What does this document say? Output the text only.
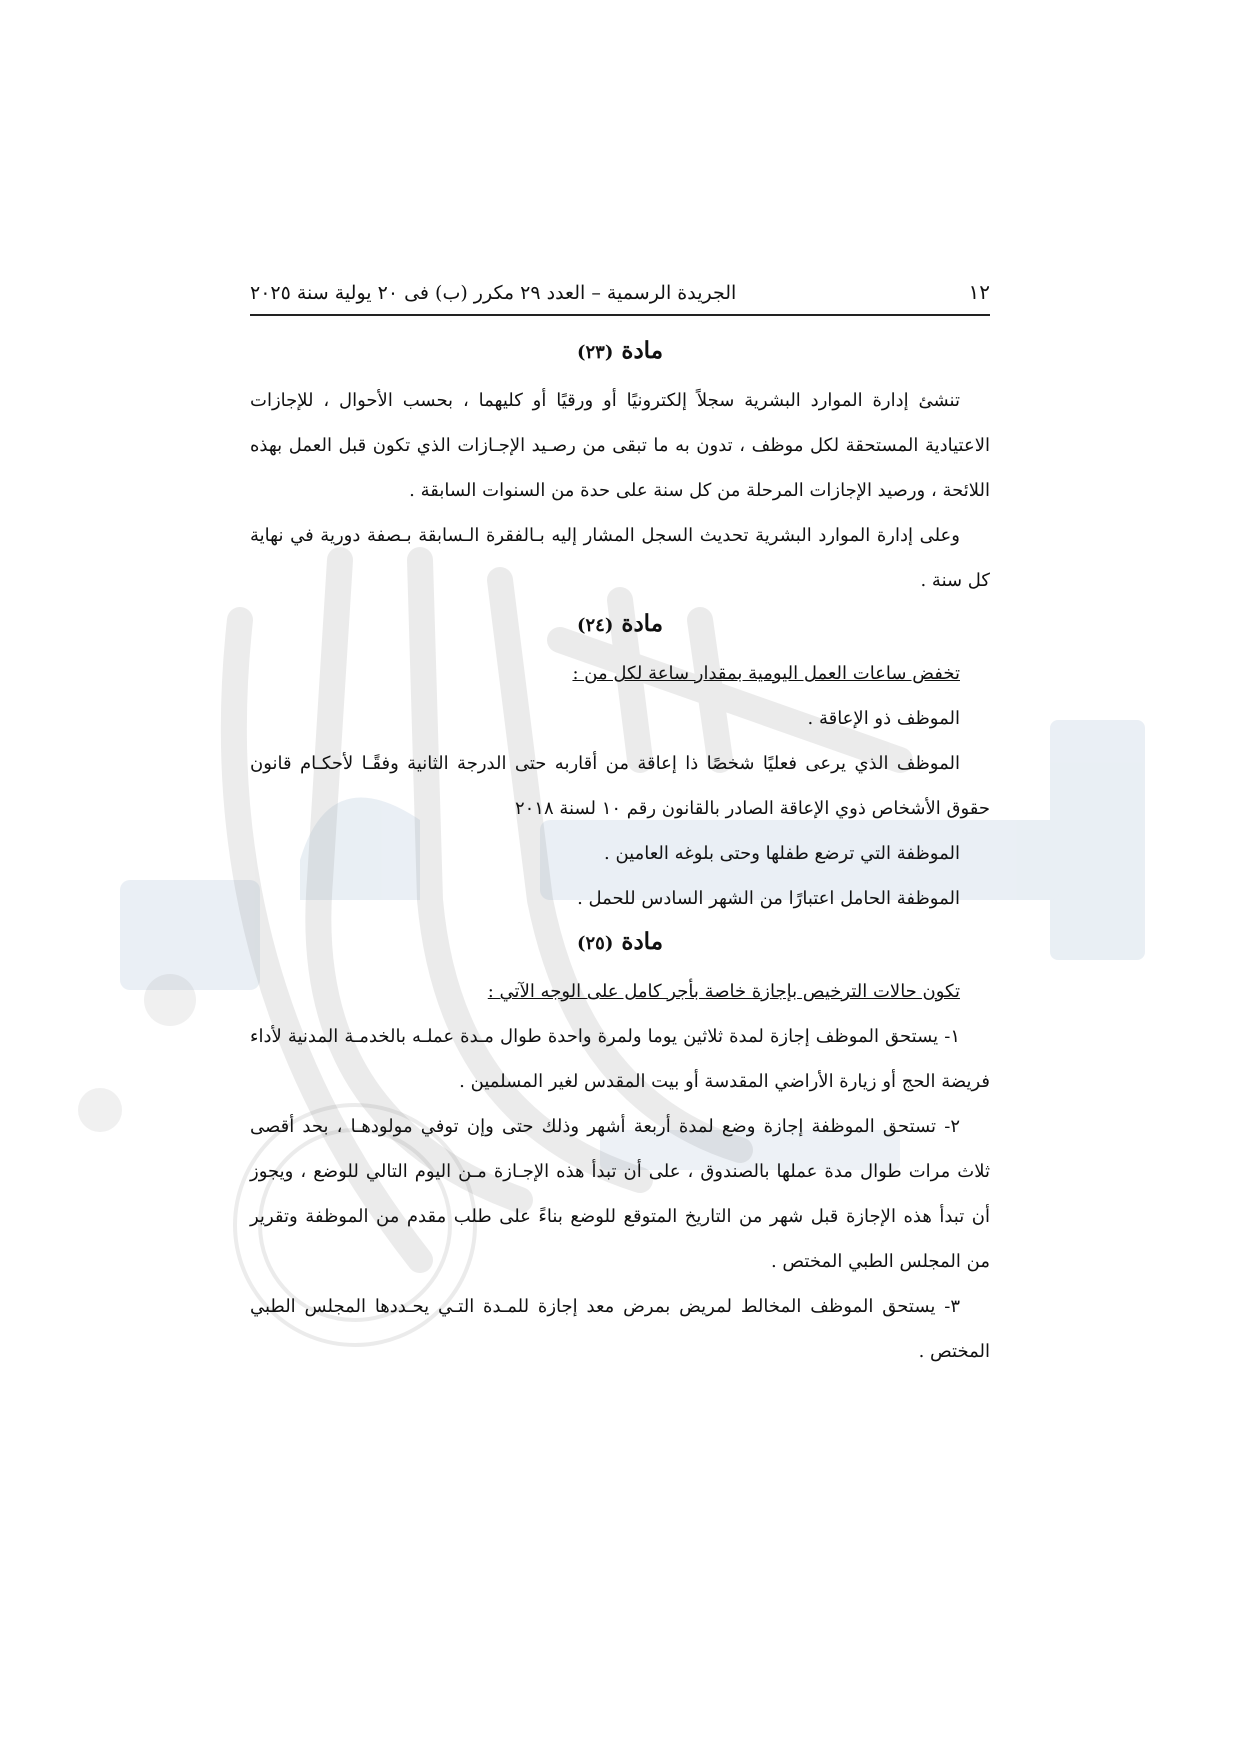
١٢
الجريدة الرسمية – العدد ٢٩ مكرر (ب) فى ٢٠ يولية سنة ٢٠٢٥
مادة (٢٣)

تنشئ إدارة الموارد البشرية سجلاً إلكترونيًا أو ورقيًا أو كليهما ، بحسب الأحوال ، للإجازات الاعتيادية المستحقة لكل موظف ، تدون به ما تبقى من رصـيد الإجـازات الذي تكون قبل العمل بهذه اللائحة ، ورصيد الإجازات المرحلة من كل سنة على حدة من السنوات السابقة .

وعلى إدارة الموارد البشرية تحديث السجل المشار إليه بـالفقرة الـسابقة بـصفة دورية في نهاية كل سنة .

مادة (٢٤)

تخفض ساعات العمل اليومية بمقدار ساعة لكل من :

الموظف ذو الإعاقة .

الموظف الذي يرعى فعليًا شخصًا ذا إعاقة من أقاربه حتى الدرجة الثانية وفقًـا لأحكـام قانون حقوق الأشخاص ذوي الإعاقة الصادر بالقانون رقم ١٠ لسنة ٢٠١٨

الموظفة التي ترضع طفلها وحتى بلوغه العامين .

الموظفة الحامل اعتبارًا من الشهر السادس للحمل .

مادة (٢٥)

تكون حالات الترخيص بإجازة خاصة بأجر كامل على الوجه الآتي :

١- يستحق الموظف إجازة لمدة ثلاثين يوما ولمرة واحدة طوال مـدة عملـه بالخدمـة المدنية لأداء فريضة الحج أو زيارة الأراضي المقدسة أو بيت المقدس لغير المسلمين .

٢- تستحق الموظفة إجازة وضع لمدة أربعة أشهر وذلك حتى وإن توفي مولودهـا ، بحد أقصى ثلاث مرات طوال مدة عملها بالصندوق ، على أن تبدأ هذه الإجـازة مـن اليوم التالي للوضع ، ويجوز أن تبدأ هذه الإجازة قبل شهر من التاريخ المتوقع للوضع بناءً على طلب مقدم من الموظفة وتقرير من المجلس الطبي المختص .

٣- يستحق الموظف المخالط لمريض بمرض معد إجازة للمـدة التـي يحـددها المجلس الطبي المختص .
